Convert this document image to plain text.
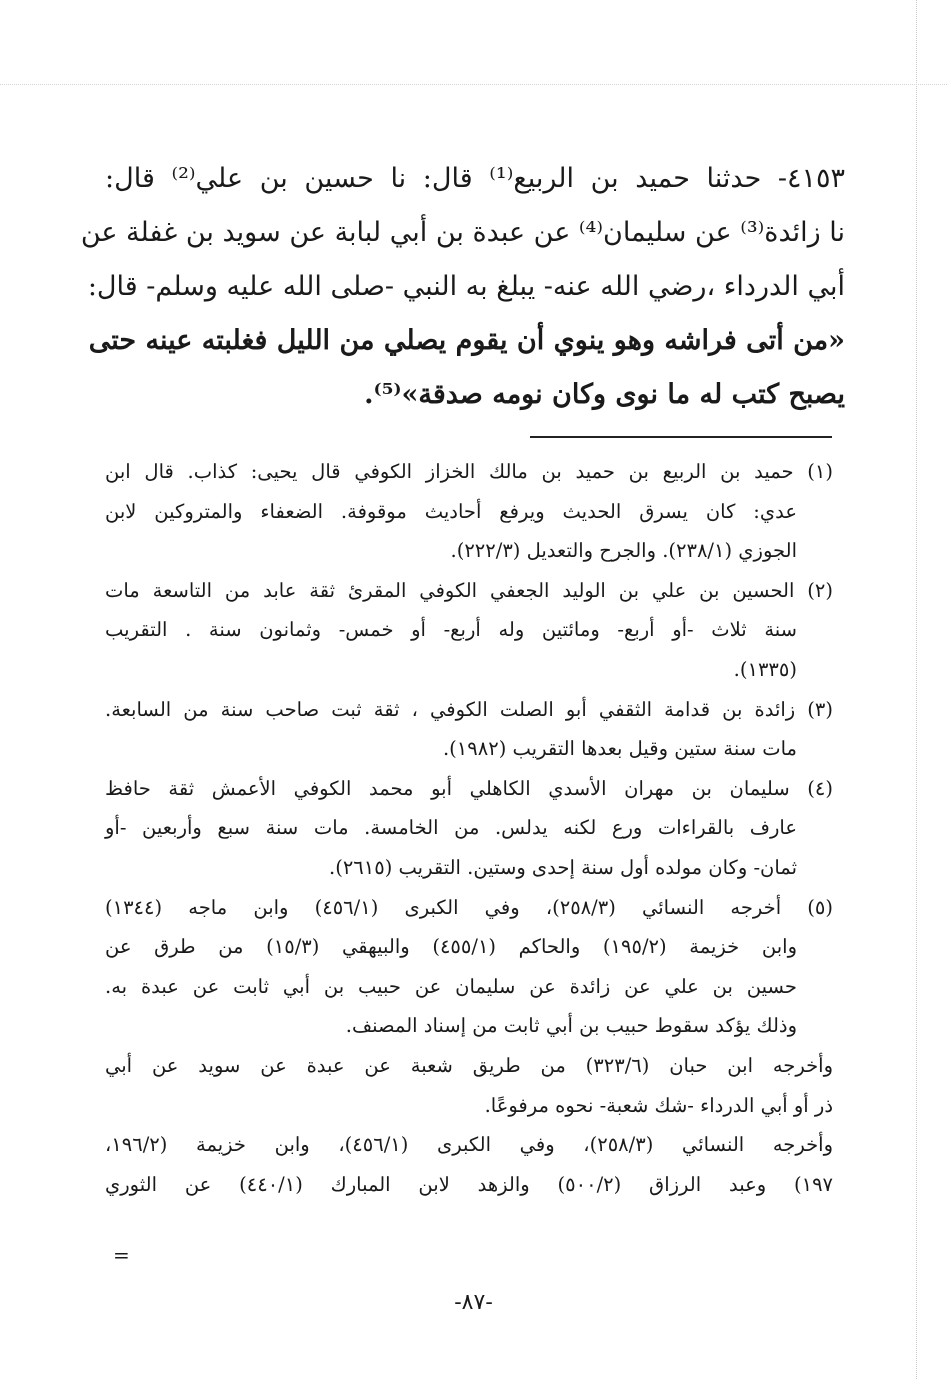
٤١٥٣- حدثنا حميد بن الربيع⁽¹⁾ قال: نا حسين بن علي⁽²⁾ قال:
نا زائدة⁽³⁾ عن سليمان⁽⁴⁾ عن عبدة بن أبي لبابة عن سويد بن غفلة عن
أبي الدرداء ،رضي الله عنه- يبلغ به النبي -صلى الله عليه وسلم- قال:
«من أتى فراشه وهو ينوي أن يقوم يصلي من الليل فغلبته عينه حتى
يصبح كتب له ما نوى وكان نومه صدقة»⁽⁵⁾.
(١) حميد بن الربيع بن حميد بن مالك الخزاز الكوفي قال يحيى: كذاب. قال ابن
عدي: كان يسرق الحديث ويرفع أحاديث موقوفة. الضعفاء والمتروكين لابن
الجوزي (٢٣٨/١). والجرح والتعديل (٢٢٢/٣).
(٢) الحسين بن علي بن الوليد الجعفي الكوفي المقرئ ثقة عابد من التاسعة مات
سنة ثلاث -أو أربع- ومائتين وله أربع- أو خمس- وثمانون سنة . التقريب
(١٣٣٥).
(٣) زائدة بن قدامة الثقفي أبو الصلت الكوفي ، ثقة ثبت صاحب سنة من السابعة.
مات سنة ستين وقيل بعدها التقريب (١٩٨٢).
(٤) سليمان بن مهران الأسدي الكاهلي أبو محمد الكوفي الأعمش ثقة حافظ
عارف بالقراءات ورع لكنه يدلس. من الخامسة. مات سنة سبع وأربعين -أو
ثمان- وكان مولده أول سنة إحدى وستين. التقريب (٢٦١٥).
(٥) أخرجه النسائي (٢٥٨/٣)، وفي الكبرى (٤٥٦/١) وابن ماجه (١٣٤٤)
وابن خزيمة (١٩٥/٢) والحاكم (٤٥٥/١) والبيهقي (١٥/٣) من طرق عن
حسين بن علي عن زائدة عن سليمان عن حبيب بن أبي ثابت عن عبدة به.
وذلك يؤكد سقوط حبيب بن أبي ثابت من إسناد المصنف.
وأخرجه ابن حبان (٣٢٣/٦) من طريق شعبة عن عبدة عن سويد عن أبي
ذر أو أبي الدرداء -شك شعبة- نحوه مرفوعًا.
وأخرجه النسائي (٢٥٨/٣)، وفي الكبرى (٤٥٦/١)، وابن خزيمة (١٩٦/٢،
١٩٧) وعبد الرزاق (٥٠٠/٢) والزهد لابن المبارك (٤٤٠/١) عن الثوري
=
-٨٧-
